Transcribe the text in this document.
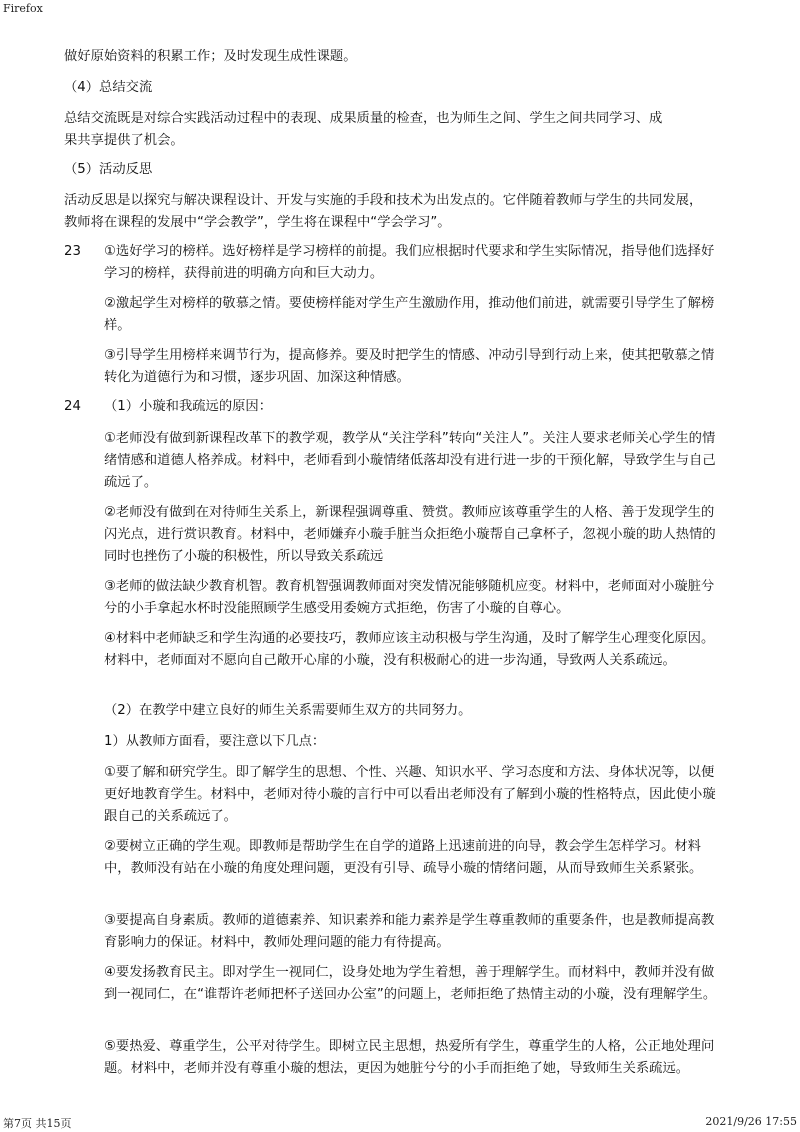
Firefox
做好原始资料的积累工作；及时发现生成性课题。
（4）总结交流
总结交流既是对综合实践活动过程中的表现、成果质量的检查，也为师生之间、学生之间共同学习、成果共享提供了机会。
（5）活动反思
活动反思是以探究与解决课程设计、开发与实施的手段和技术为出发点的。它伴随着教师与学生的共同发展，教师将在课程的发展中“学会教学”，学生将在课程中“学会学习”。
23 ①选好学习的榜样。选好榜样是学习榜样的前提。我们应根据时代要求和学生实际情况，指导他们选择好学习的榜样，获得前进的明确方向和巨大动力。
②激起学生对榜样的敬慕之情。要使榜样能对学生产生激励作用，推动他们前进，就需要引导学生了解榜样。
③引导学生用榜样来调节行为，提高修养。要及时把学生的情感、冲动引导到行动上来，使其把敬慕之情转化为道德行为和习惯，逐步巩固、加深这种情感。
24 （1）小璇和我疏远的原因：
①老师没有做到新课程改革下的教学观，教学从“关注学科”转向“关注人”。关注人要求老师关心学生的情绪情感和道德人格养成。材料中，老师看到小璇情绪低落却没有进行进一步的干预化解，导致学生与自己疏远了。
②老师没有做到在对待师生关系上，新课程强调尊重、赞赏。教师应该尊重学生的人格、善于发现学生的闪光点，进行赏识教育。材料中，老师嫌弃小璇手脏当众拒绝小璇帮自己拿杯子，忽视小璇的助人热情的同时也挫伤了小璇的积极性，所以导致关系疏远
③老师的做法缺少教育机智。教育机智强调教师面对突发情况能够随机应变。材料中，老师面对小璇脏兮兮的小手拿起水杯时没能照顾学生感受用委婉方式拒绝，伤害了小璇的自尊心。
④材料中老师缺乏和学生沟通的必要技巧，教师应该主动积极与学生沟通，及时了解学生心理变化原因。材料中，老师面对不愿向自己敞开心扉的小璇，没有积极耐心的进一步沟通，导致两人关系疏远。
（2）在教学中建立良好的师生关系需要师生双方的共同努力。
1）从教师方面看，要注意以下几点：
①要了解和研究学生。即了解学生的思想、个性、兴趣、知识水平、学习态度和方法、身体状况等，以便更好地教育学生。材料中，老师对待小璇的言行中可以看出老师没有了解到小璇的性格特点，因此使小璇跟自己的关系疏远了。
②要树立正确的学生观。即教师是帮助学生在自学的道路上迅速前进的向导，教会学生怎样学习。材料中，教师没有站在小璇的角度处理问题，更没有引导、疏导小璇的情绪问题，从而导致师生关系紧张。
③要提高自身素质。教师的道德素养、知识素养和能力素养是学生尊重教师的重要条件，也是教师提高教育影响力的保证。材料中，教师处理问题的能力有待提高。
④要发扬教育民主。即对学生一视同仁，设身处地为学生着想，善于理解学生。而材料中，教师并没有做到一视同仁，在“谁帮许老师把杯子送回办公室”的问题上，老师拒绝了热情主动的小璇，没有理解学生。
⑤要热爱、尊重学生，公平对待学生。即树立民主思想，热爱所有学生，尊重学生的人格，公正地处理问题。材料中，老师并没有尊重小璇的想法，更因为她脏兮兮的小手而拒绝了她，导致师生关系疏远。
第7页 共15页	2021/9/26 17:55
